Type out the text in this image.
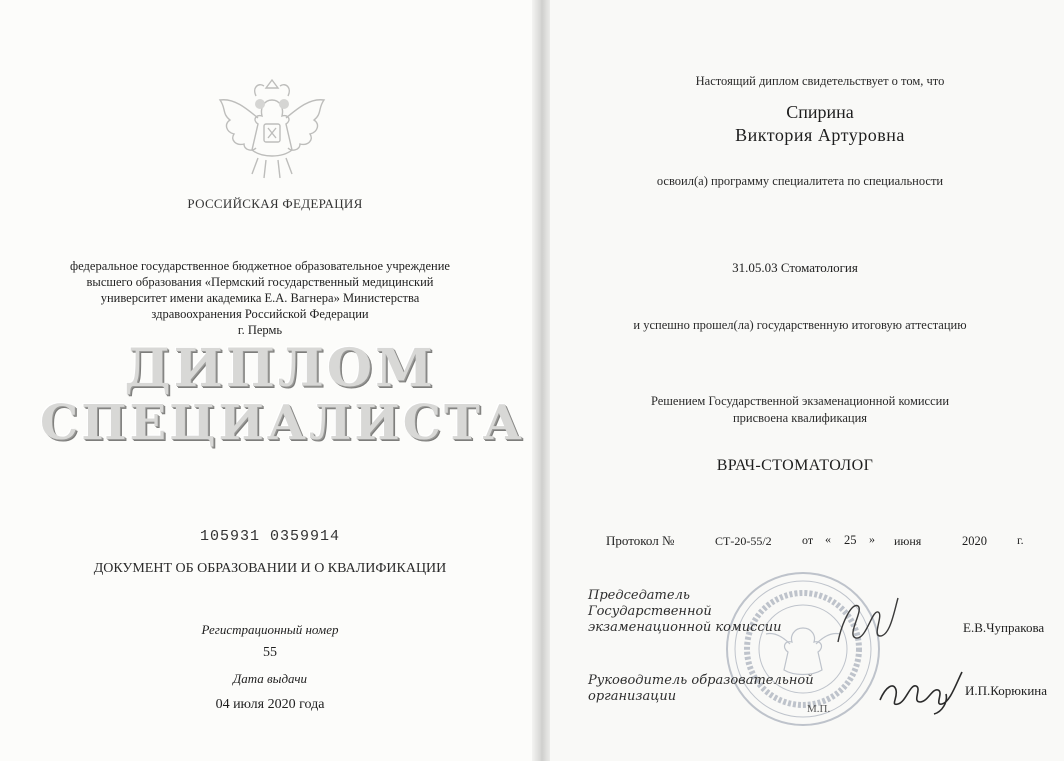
РОССИЙСКАЯ ФЕДЕРАЦИЯ

федеральное государственное бюджетное образовательное учреждение

высшего образования «Пермский государственный медицинский

университет имени академика Е.А. Вагнера» Министерства

здравоохранения Российской Федерации

г. Пермь

ДИПЛОМ

СПЕЦИАЛИСТА

105931 0359914

ДОКУМЕНТ ОБ ОБРАЗОВАНИИ И О КВАЛИФИКАЦИИ

Регистрационный номер

55

Дата выдачи

04 июля 2020 года

Настоящий диплом свидетельствует о том, что

Спирина

Виктория Артуровна

освоил(а) программу специалитета по специальности

31.05.03 Стоматология

и успешно прошел(ла) государственную итоговую аттестацию

Решением Государственной экзаменационной комиссии

присвоена квалификация

ВРАЧ-СТОМАТОЛОГ

Протокол №	СТ-20-55/2	от « 25 » июня	2020	г.

Председатель

Государственной

экзаменационной комиссии	Е.В.Чупракова

Руководитель образовательной

организации	И.П.Корюкина

М.П.
